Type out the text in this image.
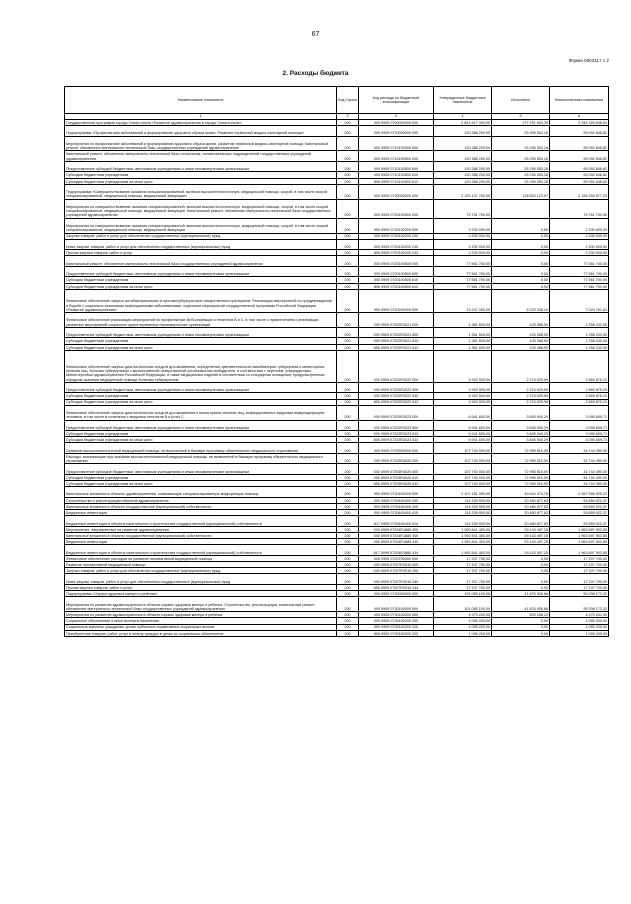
67
Форма 0503117 с.2
2. Расходы бюджета
Наименование показателя	Код строки	Код расхода по бюджетной классификации	Утвержденные бюджетные назначения	Исполнено	Неисполненные назначения
1	2	3	4	5	6
Государственная программа города Севастополя «Развитие здравоохранения в городе Севастополе»	200	000 0909 0700000000 000	2 821 617 300,00	277 291 653,39	2 544 325 646,61
Подпрограмма «Профилактика заболеваний и формирование здорового образа жизни. Развитие первичной медико-санитарной помощи»	200	000 0909 0710000000 000	120 388 200,00	25 295 553,18	95 092 646,82
Мероприятия по профилактике заболеваний и формированию здорового образа жизни, развитию первичной медико-санитарной помощи. Капитальный ремонт, обновление материально-технической базы государственных учреждений здравоохранения	200	000 0909 0710100000 000	120 388 200,00	25 295 553,18	95 092 646,82
Капитальный ремонт, обновление материально-технической базы поликлиник, поликлинических подразделений государственных учреждений здравоохранения	200	000 0909 0710100500 000	120 388 200,00	25 295 553,18	95 092 646,82
Предоставление субсидий бюджетным, автономным учреждениям и иным некоммерческим организациям	200	000 0909 0710100500 600	120 388 200,00	25 295 553,18	95 092 646,82
Субсидии бюджетным учреждениям	200	000 0909 0710100500 610	120 388 200,00	25 295 553,18	95 092 646,82
Субсидии бюджетным учреждениям на иные цели	200	806 0909 0710100500 612	120 388 200,00	25 295 553,18	95 092 646,82
Подпрограмма «Совершенствование оказания специализированной, включая высокотехнологичную, медицинской помощи, скорой, в том числе скорой специализированной, медицинской помощи, медицинской эвакуации»	200	000 0909 0720000000 000	2 325 137 700,00	128 843 122,97	2 196 294 577,03
Мероприятия по совершенствованию оказания специализированной, включая высокотехнологичную, медицинской помощи, скорой, в том числе скорой специализированной, медицинской помощи, медицинской эвакуации. Капитальный ремонт, обновление материально-технической базы государственных учреждений здравоохранения	200	000 0909 0720100000 000	79 761 700,00		79 761 700,00
Мероприятия по совершенствованию оказания специализированной, включая высокотехнологичную, медицинской помощи, скорой, в том числе скорой специализированной, медицинской помощи, медицинской эвакуации	200	000 0909 0720100200 000	2 200 000,00	0,00	2 200 000,00
Закупка товаров, работ и услуг для обеспечения государственных (муниципальных) нужд	200	000 0909 0720100200 200	2 200 000,00	0,00	2 200 000,00
Иные закупки товаров, работ и услуг для обеспечения государственных (муниципальных) нужд	200	000 0909 0720100200 240	2 200 000,00	0,00	2 200 000,00
Прочая закупка товаров, работ и услуг	200	806 0909 0720100200 244	2 200 000,00	0,00	2 200 000,00
Капитальный ремонт, обновление материально-технической базы государственных учреждений здравоохранения	200	000 0909 0720100500 000	77 561 700,00	0,00	77 561 700,00
Предоставление субсидий бюджетным, автономным учреждениям и иным некоммерческим организациям	200	000 0909 0720100500 600	77 561 700,00	0,00	77 561 700,00
Субсидии бюджетным учреждениям	200	000 0909 0720100500 610	77 561 700,00	0,00	77 561 700,00
Субсидии бюджетным учреждениям на иные цели	200	806 0909 0720100500 612	77 561 700,00	0,00	77 561 700,00
Финансовое обеспечение закупок антибактериальных и противотуберкулезных лекарственных препаратов. Реализация мероприятий по предупреждению и борьбе с социально значимыми инфекционными заболеваниями, отдельных мероприятий государственной программы Российской Федерации «Развитие здравоохранения»	200	000 0909 0720200000 000	13 247 000,00	6 223 238,19	7 023 761,81
Финансовое обеспечение реализации мероприятий по профилактике ВИЧ-инфекции и гепатитов В и С, в том числе с привлечением к реализации указанных мероприятий социально ориентированных некоммерческих организаций	200	000 0909 07202R2021 000	1 361 500,00	103 268,00	1 258 232,00
Предоставление субсидий бюджетным, автономным учреждениям и иным некоммерческим организациям	200	000 0909 07202R2021 600	1 361 500,00	103 268,00	1 258 232,00
Субсидии бюджетным учреждениям	200	000 0909 07202R2021 610	1 361 500,00	103 268,00	1 258 232,00
Субсидии бюджетным учреждениям на иные цели	200	806 0909 07202R2021 612	1 361 500,00	103 268,00	1 258 232,00
Финансовое обеспечение закупок диагностических средств для выявления, определения чувствительности микобактерии туберкулеза и мониторинга лечения лиц, больных туберкулезом с множественной лекарственной устойчивостью возбудителя, в соответствии с перечнем, утвержденным Министерством здравоохранения Российской Федерации, а также медицинских изделий в соответствии со стандартом оснащения, предусмотренным порядком оказания медицинской помощи больным туберкулезом	200	000 0909 07202R2022 000	4 943 900,00	2 274 029,90	2 669 870,10
Предоставление субсидий бюджетным, автономным учреждениям и иным некоммерческим организациям	200	000 0909 07202R2022 600	4 943 900,00	2 274 029,90	2 669 870,10
Субсидии бюджетным учреждениям	200	000 0909 07202R2022 610	4 943 900,00	2 274 029,90	2 669 870,10
Субсидии бюджетным учреждениям на иные цели	200	806 0909 07202R2022 612	4 943 900,00	2 274 029,90	2 669 870,10
Финансовое обеспечение закупок диагностических средств для выявления и мониторинга лечения лиц, инфицированных вирусами иммунодефицита человека, в том числе в сочетании с вирусами гепатитов В и (или) С	200	000 0909 07202R2023 000	6 941 600,00	3 845 940,29	3 095 659,71
Предоставление субсидий бюджетным, автономным учреждениям и иным некоммерческим организациям	200	000 0909 07202R2023 600	6 941 600,00	3 845 940,29	3 095 659,71
Субсидии бюджетным учреждениям	200	000 0909 07202R2023 610	6 941 600,00	3 845 940,29	3 095 659,71
Субсидии бюджетным учреждениям на иные цели	200	806 0909 07202R2023 612	6 941 600,00	3 845 940,29	3 095 659,71
Оказание высокотехнологичной медицинской помощи, не включенной в базовую программу обязательного медицинского страхования	200	000 0909 0720300000 000	107 740 000,00	72 995 510,00	34 744 490,00
Расходы, возникающие при оказании высокотехнологичной медицинской помощи, не включенной в базовую программу обязательного медицинского страхования	200	000 0909 07203R4020 000	107 740 000,00	72 995 510,00	34 744 490,00
Предоставление субсидий бюджетным, автономным учреждениям и иным некоммерческим организациям	200	000 0909 07203R4020 600	107 740 000,00	72 995 510,00	34 744 490,00
Субсидии бюджетным учреждениям	200	000 0909 07203R4020 610	107 740 000,00	72 995 510,00	34 744 490,00
Субсидии бюджетным учреждениям на иные цели	200	806 0909 07203R4020 612	107 740 000,00	72 995 510,00	34 744 490,00
Капитальные вложения в объекты здравоохранения, оказывающие специализированную медицинскую помощь	200	000 0909 0720400000 000	2 107 181 300,00	49 624 374,78	2 057 556 925,22
Строительство и реконструкция объектов здравоохранения	200	000 0909 0720400400 000	114 339 900,00	20 480 877,63	93 859 022,37
Капитальные вложения в объекты государственной (муниципальной) собственности	200	000 0909 0720400400 400	114 339 900,00	20 480 877,63	93 859 022,37
Бюджетные инвестиции	200	000 0909 0720400400 410	114 339 900,00	20 480 877,63	93 859 022,37
Бюджетные инвестиции в объекты капитального строительства государственной (муниципальной) собственности	200	817 0909 0720400400 414	114 339 900,00	20 480 877,63	93 859 022,37
Мероприятия, направленные на развитие здравоохранения	200	000 0909 07204R1880 000	1 992 841 400,00	29 143 497,15	1 963 697 902,85
Капитальные вложения в объекты государственной (муниципальной) собственности	200	000 0909 07204R1880 400	1 992 841 400,00	29 143 497,15	1 963 697 902,85
Бюджетные инвестиции	200	000 0909 07204R1880 410	1 992 841 400,00	29 143 497,15	1 963 697 902,85
Бюджетные инвестиции в объекты капитального строительства государственной (муниципальной) собственности	200	817 0909 07204R1880 414	1 992 841 400,00	29 143 497,15	1 963 697 902,85
Финансовое обеспечение расходов на развитие паллиативной медицинской помощи	200	000 0909 0720700000 000	17 207 700,00	0,00	17 207 700,00
Развитие паллиативной медицинской помощи	200	000 0909 07207R2010 000	17 207 700,00	0,00	17 207 700,00
Закупка товаров, работ и услуг для обеспечения государственных (муниципальных) нужд	200	000 0909 07207R2010 200	17 207 700,00	0,00	17 207 700,00
Иные закупки товаров, работ и услуг для обеспечения государственных (муниципальных) нужд	200	000 0909 07207R2010 240	17 207 700,00	0,00	17 207 700,00
Прочая закупка товаров, работ и услуг	200	806 0909 07207R2010 244	17 207 700,00	0,00	17 207 700,00
Подпрограмма «Охрана здоровья матери и ребенка»	200	000 0909 0730000000 000	101 085 100,00	41 876 926,68	59 208 173,32
Мероприятия по развитию здравоохранения в области охраны здоровья матери и ребенка. Строительство, реконструкция, капитальный ремонт, обновление материально-технической базы государственных учреждений здравоохранения	200	000 0909 0730100000 000	101 085 100,00	41 876 926,68	59 208 173,32
Мероприятия по развитию здравоохранения в области охраны здоровья матери и ребенка	200	000 0909 0730100200 000	4 979 200,00	509 158,10	4 470 041,90
Социальное обеспечение и иные выплаты населению	200	000 0909 0730100200 300	1 095 200,00	0,00	1 095 200,00
Социальные выплаты гражданам, кроме публичных нормативных социальных выплат	200	000 0909 0730100200 320	1 095 200,00	0,00	1 095 200,00
Приобретение товаров, работ, услуг в пользу граждан в целях их социального обеспечения	200	806 0909 0730100200 323	1 095 200,00	0,00	1 095 200,00
